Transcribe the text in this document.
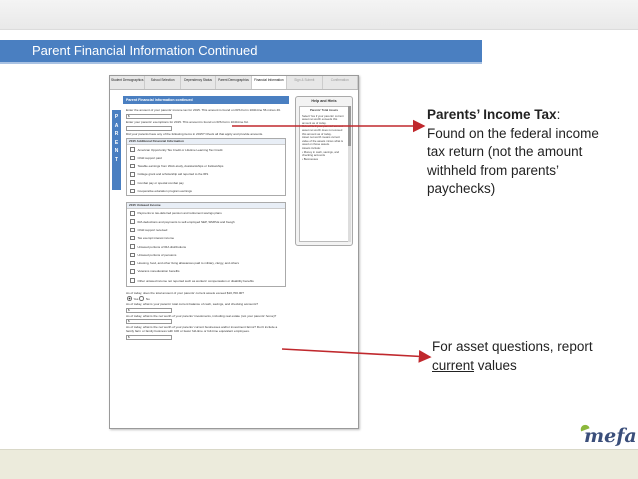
Parent Financial Information Continued
Student Demographics	School Selection	Dependency Status	Parent Demographics	Financial Information	Sign & Submit	Confirmation
P
A
R
E
N
T
Parent Financial Information continued
Enter the amount of your parents' income tax for 2015. This amount is found on IRS Form 1040-line 56 minus 46.
$
Enter your parents' exemptions for 2015. This amount is found on IRS Form 1040-line 6d.
Did your parents have any of the following items in 2015? Check all that apply and provide amounts.
2015 Additional Financial Information
American Opportunity Tax Credit or Lifetime Learning Tax Credit
Child support paid
Taxable earnings from Work-study, Assistantships or Fellowships
College grant and scholarship aid reported to the IRS
Combat pay or special combat pay
Cooperative education program earnings
2015 Untaxed Income
Payments to tax-deferred pension and retirement savings plans
IRA deductions and payments to self-employed SEP, SIMPLE and Keogh
Child support received
Tax exempt interest income
Untaxed portions of IRA distributions
Untaxed portions of pensions
Housing, food, and other living allowances paid to military, clergy, and others
Veterans noneducation benefits
Other untaxed income not reported such as workers' compensation or disability benefits
As of today, does the total amount of your parents' current assets exceed $10,700.00?
Yes	No
As of today, what is your parents' total current balance of cash, savings, and checking accounts?
$
As of today, what is the net worth of your parents' investments, including real estate (not your parents' home)?
$
As of today, what is the net worth of your parents' current businesses and/or investment farms? Don't include a family farm or family business with 100 or fewer full-time or full-time equivalent employees.
$
Help and Hints
Parents' Total Assets
Select Yes if your parents' current asset net worth exceeds this amount as of today.
Select No if your parents' current asset net worth does not exceed this amount as of today.
Asset net worth means current value of the assets minus what is owed on those assets.
Assets include:
• Money in cash, savings, and checking accounts
• Businesses
Parents’ Income Tax: Found on the federal income tax return (not the amount withheld from parents’ paychecks)
For asset questions, report current values
mefa
